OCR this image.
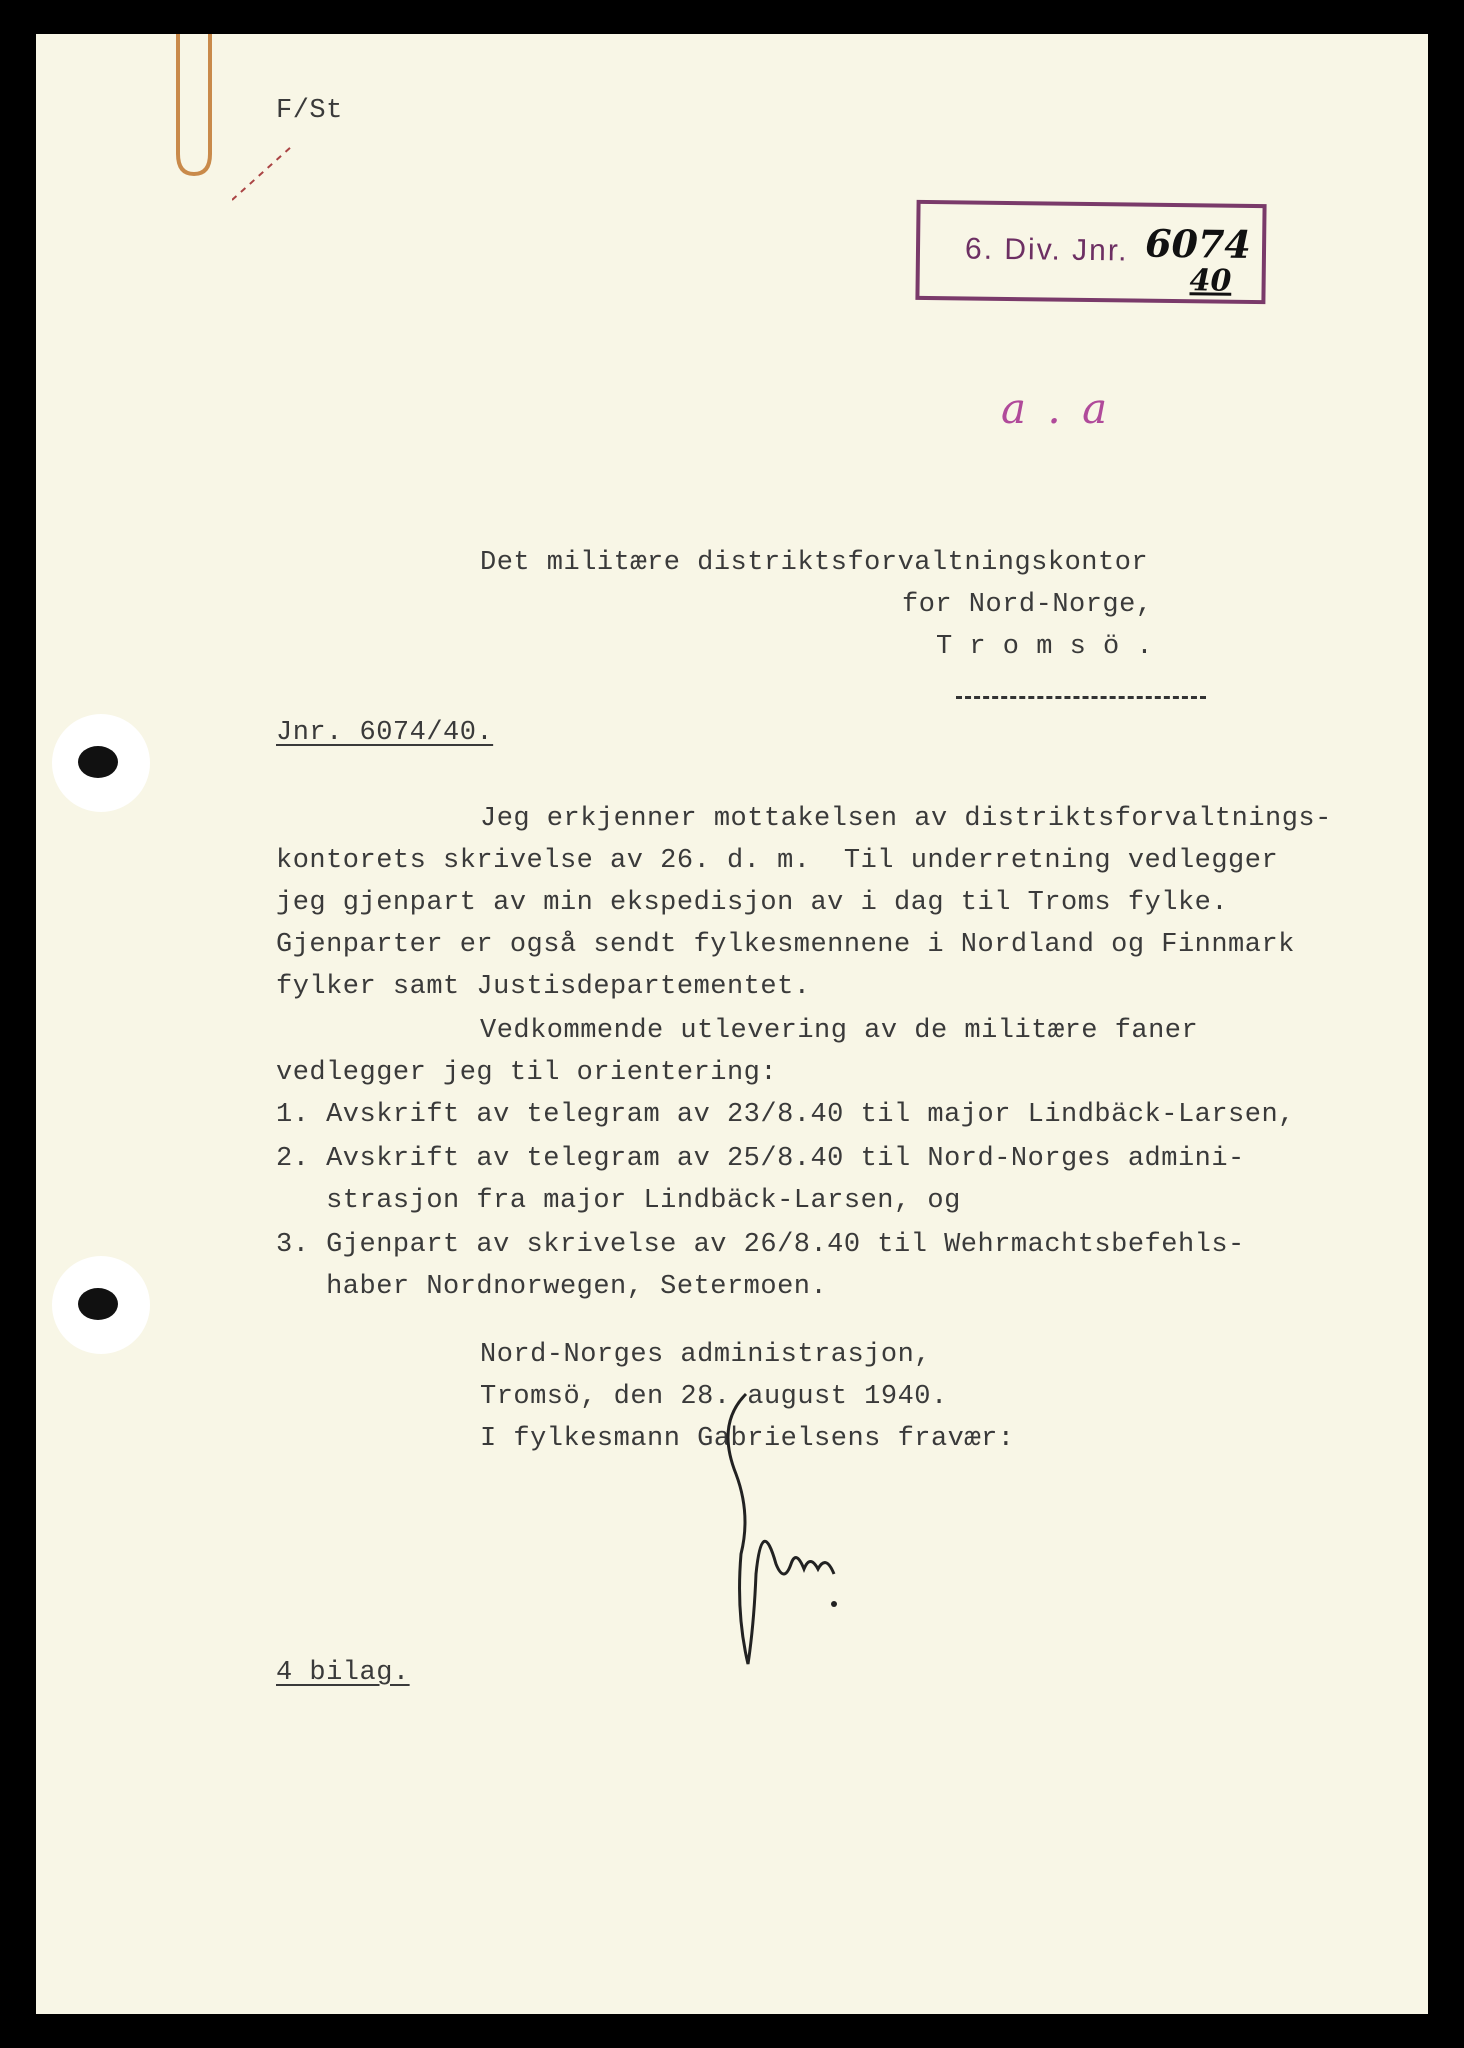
F/St
6. Div. Jnr. 6074
40
a . a
Det militære distriktsforvaltningskontor
for Nord-Norge,
T r o m s ö .
Jnr. 6074/40.
Jeg erkjenner mottakelsen av distriktsforvaltnings-
kontorets skrivelse av 26. d. m.  Til underretning vedlegger
jeg gjenpart av min ekspedisjon av i dag til Troms fylke.
Gjenparter er også sendt fylkesmennene i Nordland og Finnmark
fylker samt Justisdepartementet.
Vedkommende utlevering av de militære faner
vedlegger jeg til orientering:
1. Avskrift av telegram av 23/8.40 til major Lindbäck-Larsen,
2. Avskrift av telegram av 25/8.40 til Nord-Norges admini-
strasjon fra major Lindbäck-Larsen, og
3. Gjenpart av skrivelse av 26/8.40 til Wehrmachtsbefehls-
haber Nordnorwegen, Setermoen.
Nord-Norges administrasjon,
Tromsö, den 28. august 1940.
I fylkesmann Gabrielsens fravær:
4 bilag.
